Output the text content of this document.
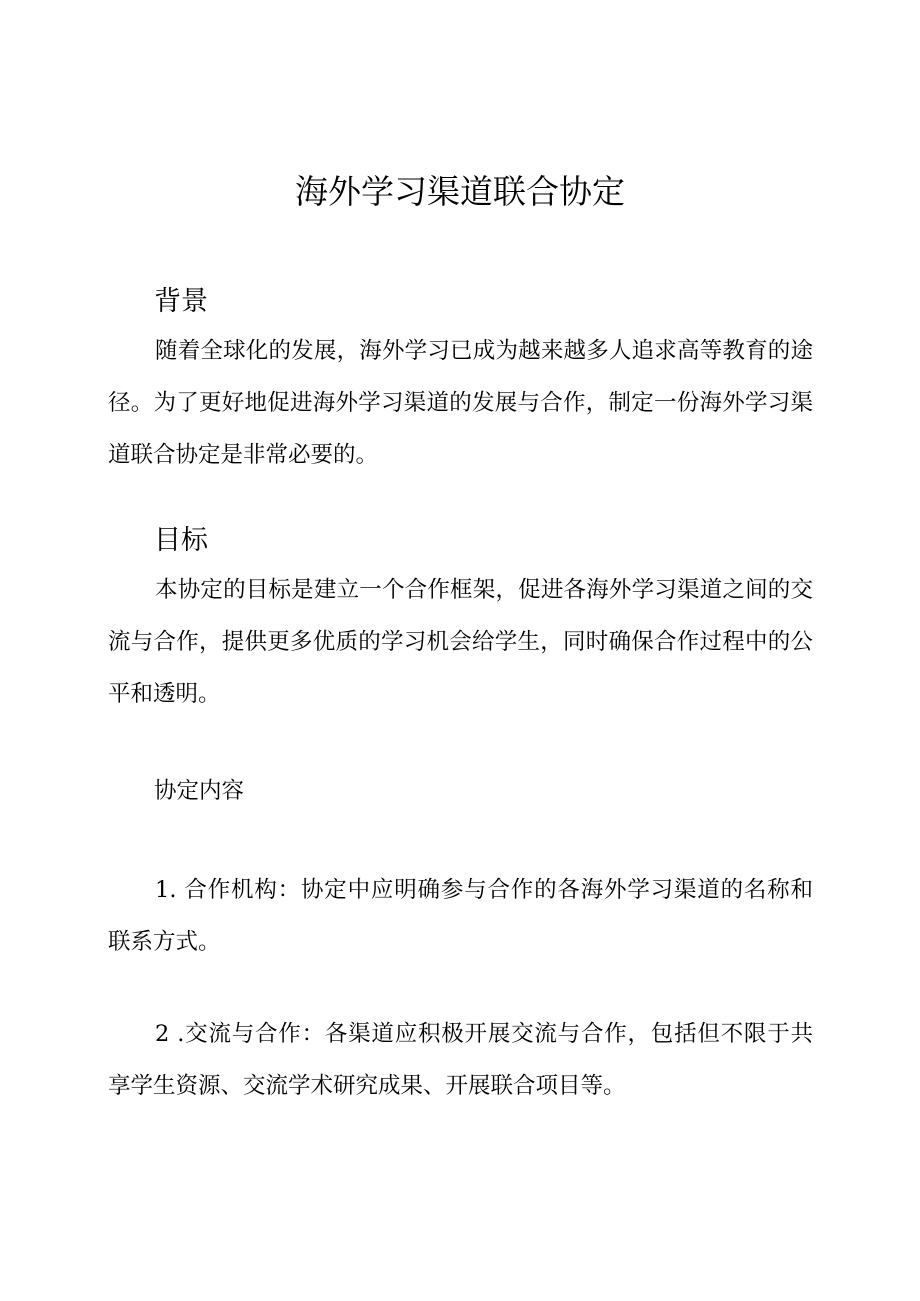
海外学习渠道联合协定
背景

随着全球化的发展，海外学习已成为越来越多人追求高等教育的途径。为了更好地促进海外学习渠道的发展与合作，制定一份海外学习渠道联合协定是非常必要的。

目标

本协定的目标是建立一个合作框架，促进各海外学习渠道之间的交流与合作，提供更多优质的学习机会给学生，同时确保合作过程中的公平和透明。

协定内容

1. 合作机构：协定中应明确参与合作的各海外学习渠道的名称和联系方式。

2 .交流与合作：各渠道应积极开展交流与合作，包括但不限于共享学生资源、交流学术研究成果、开展联合项目等。
